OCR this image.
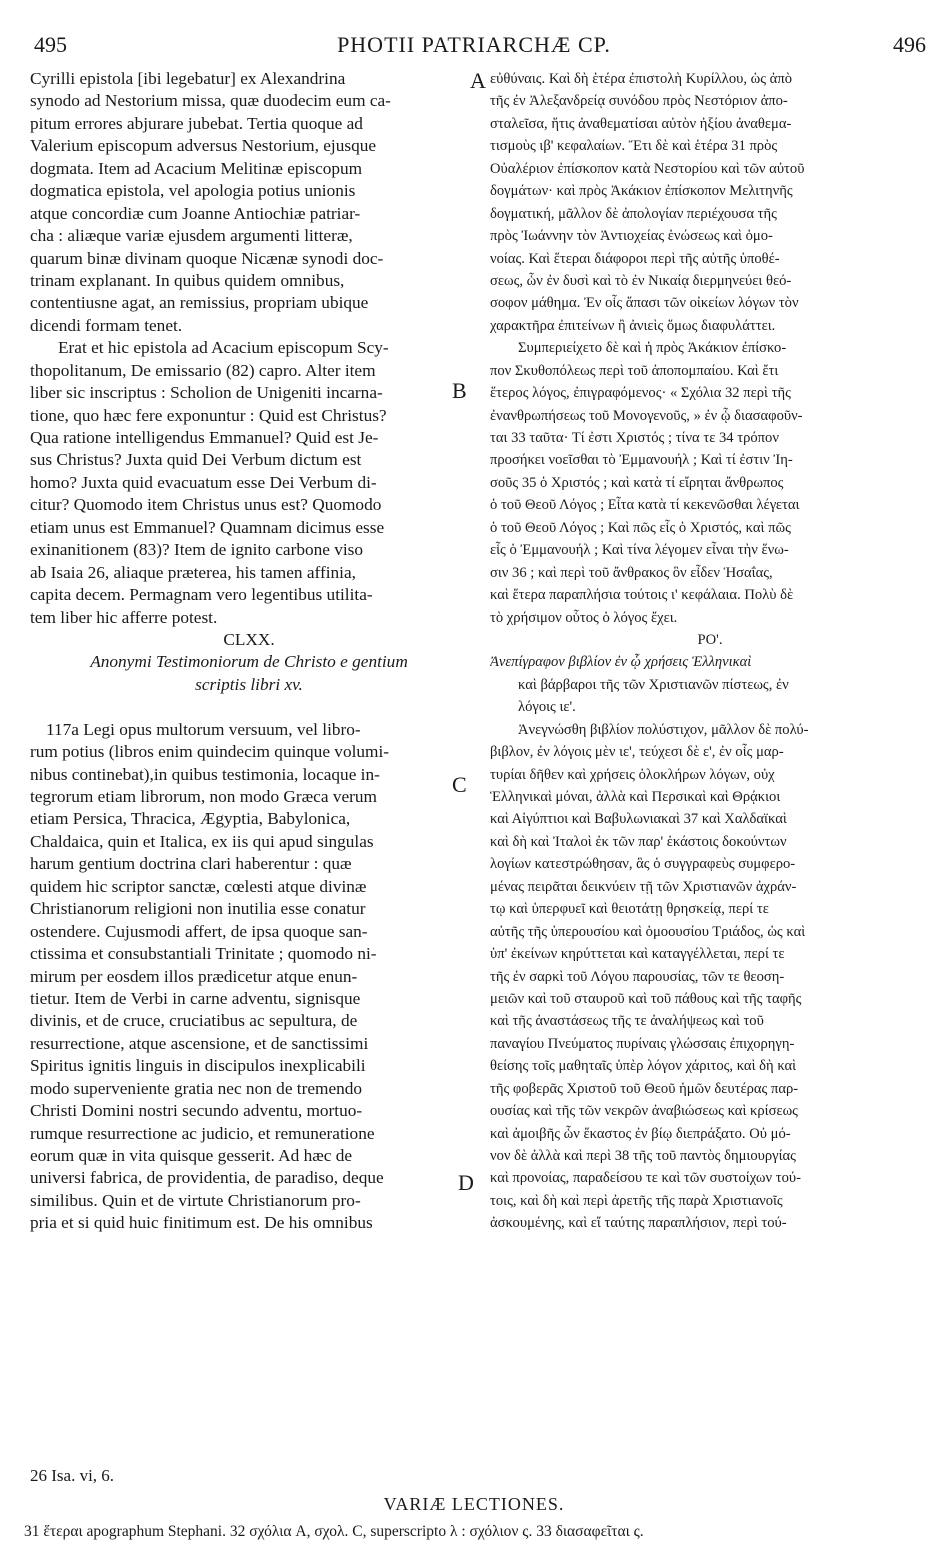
495	PHOTII PATRIARCHÆ CP.	496
A
B
C
D
Cyrilli epistola [ibi legebatur] ex Alexandrina
synodo ad Nestorium missa, quæ duodecim eum ca-
pitum errores abjurare jubebat. Tertia quoque ad
Valerium episcopum adversus Nestorium, ejusque
dogmata. Item ad Acacium Melitinæ episcopum
dogmatica epistola, vel apologia potius unionis
atque concordiæ cum Joanne Antiochiæ patriar-
cha : aliæque variæ ejusdem argumenti litteræ,
quarum binæ divinam quoque Nicænæ synodi doc-
trinam explanant. In quibus quidem omnibus,
contentiusne agat, an remissius, propriam ubique
dicendi formam tenet.
Erat et hic epistola ad Acacium episcopum Scy-
thopolitanum, De emissario (82) capro. Alter item
liber sic inscriptus : Scholion de Unigeniti incarna-
tione, quo hæc fere exponuntur : Quid est Christus?
Qua ratione intelligendus Emmanuel? Quid est Je-
sus Christus? Juxta quid Dei Verbum dictum est
homo? Juxta quid evacuatum esse Dei Verbum di-
citur? Quomodo item Christus unus est? Quomodo
etiam unus est Emmanuel? Quamnam dicimus esse
exinanitionem (83)? Item de ignito carbone viso
ab Isaia 26, aliaque præterea, his tamen affinia,
capita decem. Permagnam vero legentibus utilita-
tem liber hic afferre potest.
CLXX.
Anonymi Testimoniorum de Christo e gentium
scriptis libri xv.
117a Legi opus multorum versuum, vel libro-
rum potius (libros enim quindecim quinque volumi-
nibus continebat),in quibus testimonia, locaque in-
tegrorum etiam librorum, non modo Græca verum
etiam Persica, Thracica, Ægyptia, Babylonica,
Chaldaica, quin et Italica, ex iis qui apud singulas
harum gentium doctrina clari haberentur : quæ
quidem hic scriptor sanctæ, cœlesti atque divinæ
Christianorum religioni non inutilia esse conatur
ostendere. Cujusmodi affert, de ipsa quoque san-
ctissima et consubstantiali Trinitate ; quomodo ni-
mirum per eosdem illos prædicetur atque enun-
tietur. Item de Verbi in carne adventu, signisque
divinis, et de cruce, cruciatibus ac sepultura, de
resurrectione, atque ascensione, et de sanctissimi
Spiritus ignitis linguis in discipulos inexplicabili
modo superveniente gratia nec non de tremendo
Christi Domini nostri secundo adventu, mortuo-
rumque resurrectione ac judicio, et remuneratione
eorum quæ in vita quisque gesserit. Ad hæc de
universi fabrica, de providentia, de paradiso, deque
similibus. Quin et de virtute Christianorum pro-
pria et si quid huic finitimum est. De his omnibus
εὐθύναις. Καὶ δὴ ἑτέρα ἐπιστολὴ Κυρίλλου, ὡς ἀπὸ
τῆς ἐν Ἀλεξανδρείᾳ συνόδου πρὸς Νεστόριον ἀπο-
σταλεῖσα, ἥτις ἀναθεματίσαι αὐτὸν ἠξίου ἀναθεμα-
τισμοὺς ιβ' κεφαλαίων. Ἔτι δὲ καὶ ἑτέρα 31 πρὸς
Οὐαλέριον ἐπίσκοπον κατὰ Νεστορίου καὶ τῶν αὐτοῦ
δογμάτων· καὶ πρὸς Ἀκάκιον ἐπίσκοπον Μελιτηνῆς
δογματική, μᾶλλον δὲ ἀπολογίαν περιέχουσα τῆς
πρὸς Ἰωάννην τὸν Ἀντιοχείας ἑνώσεως καὶ ὁμο-
νοίας. Καὶ ἕτεραι διάφοροι περὶ τῆς αὐτῆς ὑποθέ-
σεως, ὧν ἐν δυσὶ καὶ τὸ ἐν Νικαίᾳ διερμηνεύει θεό-
σοφον μάθημα. Ἐν οἷς ἅπασι τῶν οἰκείων λόγων τὸν
χαρακτῆρα ἐπιτείνων ἢ ἀνιεὶς ὅμως διαφυλάττει.
Συμπεριείχετο δὲ καὶ ἡ πρὸς Ἀκάκιον ἐπίσκο-
πον Σκυθοπόλεως περὶ τοῦ ἀποπομπαίου. Καὶ ἔτι
ἕτερος λόγος, ἐπιγραφόμενος· « Σχόλια 32 περὶ τῆς
ἐνανθρωπήσεως τοῦ Μονογενοῦς, » ἐν ᾧ διασαφοῦν-
ται 33 ταῦτα· Τί ἐστι Χριστός ; τίνα τε 34 τρόπον
προσήκει νοεῖσθαι τὸ Ἐμμανουήλ ; Καὶ τί ἐστιν Ἰη-
σοῦς 35 ὁ Χριστός ; καὶ κατὰ τί εἴρηται ἄνθρωπος
ὁ τοῦ Θεοῦ Λόγος ; Εἶτα κατὰ τί κεκενῶσθαι λέγεται
ὁ τοῦ Θεοῦ Λόγος ; Καὶ πῶς εἷς ὁ Χριστός, καὶ πῶς
εἷς ὁ Ἐμμανουήλ ; Καὶ τίνα λέγομεν εἶναι τὴν ἕνω-
σιν 36 ; καὶ περὶ τοῦ ἄνθρακος ὃν εἶδεν Ἡσαΐας,
καὶ ἕτερα παραπλήσια τούτοις ι' κεφάλαια. Πολὺ δὲ
τὸ χρήσιμον οὗτος ὁ λόγος ἔχει.
ΡΟ'.
Ἀνεπίγραφον βιβλίον ἐν ᾧ χρήσεις Ἑλληνικαὶ
καὶ βάρβαροι τῆς τῶν Χριστιανῶν πίστεως, ἐν
λόγοις ιε'.
Ἀνεγνώσθη βιβλίον πολύστιχον, μᾶλλον δὲ πολύ-
βιβλον, ἐν λόγοις μὲν ιε', τεύχεσι δὲ ε', ἐν οἷς μαρ-
τυρίαι δῆθεν καὶ χρήσεις ὁλοκλήρων λόγων, οὐχ
Ἑλληνικαὶ μόναι, ἀλλὰ καὶ Περσικαὶ καὶ Θρᾴκιοι
καὶ Αἰγύπτιοι καὶ Βαβυλωνιακαὶ 37 καὶ Χαλδαϊκαὶ
καὶ δὴ καὶ Ἰταλοὶ ἐκ τῶν παρ' ἑκάστοις δοκούντων
λογίων κατεστρώθησαν, ἃς ὁ συγγραφεὺς συμφερο-
μένας πειρᾶται δεικνύειν τῇ τῶν Χριστιανῶν ἀχράν-
τῳ καὶ ὑπερφυεῖ καὶ θειοτάτῃ θρησκείᾳ, περί τε
αὐτῆς τῆς ὑπερουσίου καὶ ὁμοουσίου Τριάδος, ὡς καὶ
ὑπ' ἐκείνων κηρύττεται καὶ καταγγέλλεται, περί τε
τῆς ἐν σαρκὶ τοῦ Λόγου παρουσίας, τῶν τε θεοση-
μειῶν καὶ τοῦ σταυροῦ καὶ τοῦ πάθους καὶ τῆς ταφῆς
καὶ τῆς ἀναστάσεως τῆς τε ἀναλήψεως καὶ τοῦ
παναγίου Πνεύματος πυρίναις γλώσσαις ἐπιχορηγη-
θείσης τοῖς μαθηταῖς ὑπὲρ λόγον χάριτος, καὶ δὴ καὶ
τῆς φοβερᾶς Χριστοῦ τοῦ Θεοῦ ἡμῶν δευτέρας παρ-
ουσίας καὶ τῆς τῶν νεκρῶν ἀναβιώσεως καὶ κρίσεως
καὶ ἀμοιβῆς ὧν ἕκαστος ἐν βίῳ διεπράξατο. Οὐ μό-
νον δὲ ἀλλὰ καὶ περὶ 38 τῆς τοῦ παντὸς δημιουργίας
καὶ προνοίας, παραδείσου τε καὶ τῶν συστοίχων τού-
τοις, καὶ δὴ καὶ περὶ ἀρετῆς τῆς παρὰ Χριστιανοῖς
ἀσκουμένης, καὶ εἴ ταύτης παραπλήσιον, περὶ τού-
26 Isa. vi, 6.
VARIÆ LECTIONES.
31 ἕτεραι apographum Stephani. 32 σχόλια A, σχολ. C, superscripto λ : σχόλιον ς. 33 διασαφεῖται ς.
